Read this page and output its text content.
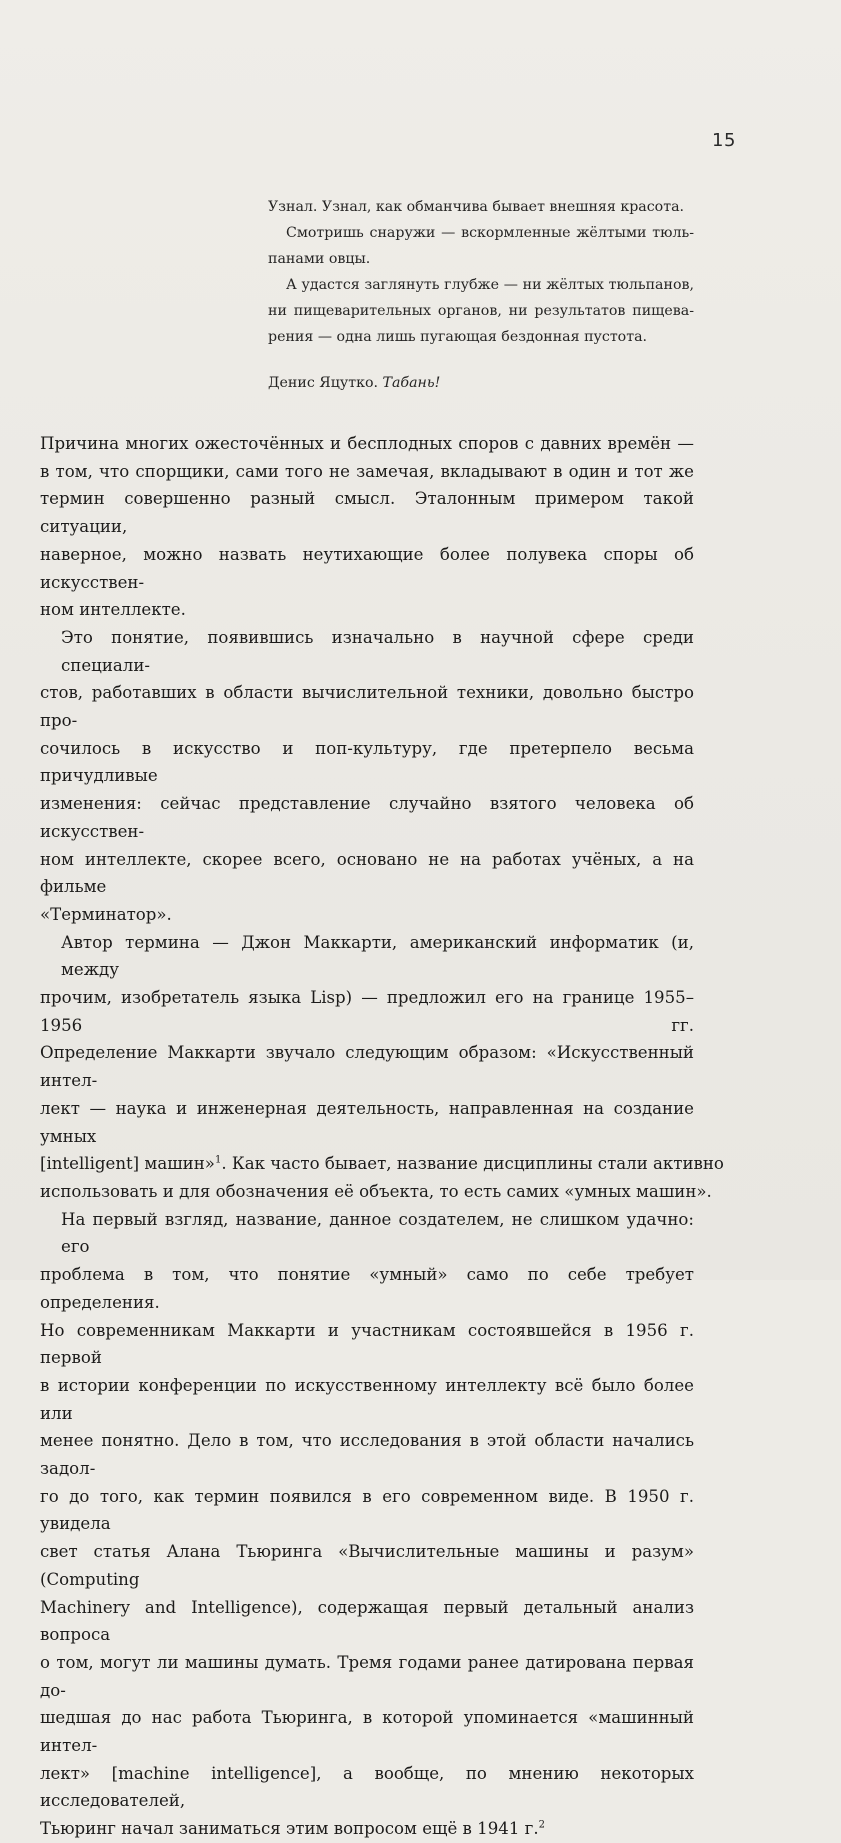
15
Узнал. Узнал, как обманчива бывает внешняя красота.
Смотришь снаружи — вскормленные жёлтыми тюль-
панами овцы.
А удастся заглянуть глубже — ни жёлтых тюльпанов,
ни пищеварительных органов, ни результатов пищева-
рения — одна лишь пугающая бездонная пустота.
Денис Яцутко. Табань!
Причина многих ожесточённых и бесплодных споров с давних времён —
в том, что спорщики, сами того не замечая, вкладывают в один и тот же
термин совершенно разный смысл. Эталонным примером такой ситуации,
наверное, можно назвать неутихающие более полувека споры об искусствен-
ном интеллекте.
Это понятие, появившись изначально в научной сфере среди специали-
стов, работавших в области вычислительной техники, довольно быстро про-
сочилось в искусство и поп-культуру, где претерпело весьма причудливые
изменения: сейчас представление случайно взятого человека об искусствен-
ном интеллекте, скорее всего, основано не на работах учёных, а на фильме
«Терминатор».
Автор термина — Джон Маккарти, американский информатик (и, между
прочим, изобретатель языка Lisp) — предложил его на границе 1955–1956 гг.
Определение Маккарти звучало следующим образом: «Искусственный интел-
лект — наука и инженерная деятельность, направленная на создание умных
[intelligent] машин»$^1$. Как часто бывает, название дисциплины стали активно
использовать и для обозначения её объекта, то есть самих «умных машин».
На первый взгляд, название, данное создателем, не слишком удачно: его
проблема в том, что понятие «умный» само по себе требует определения.
Но современникам Маккарти и участникам состоявшейся в 1956 г. первой
в истории конференции по искусственному интеллекту всё было более или
менее понятно. Дело в том, что исследования в этой области начались задол-
го до того, как термин появился в его современном виде. В 1950 г. увидела
свет статья Алана Тьюринга «Вычислительные машины и разум» (Computing
Machinery and Intelligence), содержащая первый детальный анализ вопроса
о том, могут ли машины думать. Тремя годами ранее датирована первая до-
шедшая до нас работа Тьюринга, в которой упоминается «машинный интел-
лект» [machine intelligence], а вообще, по мнению некоторых исследователей,
Тьюринг начал заниматься этим вопросом ещё в 1941 г.$^2$
